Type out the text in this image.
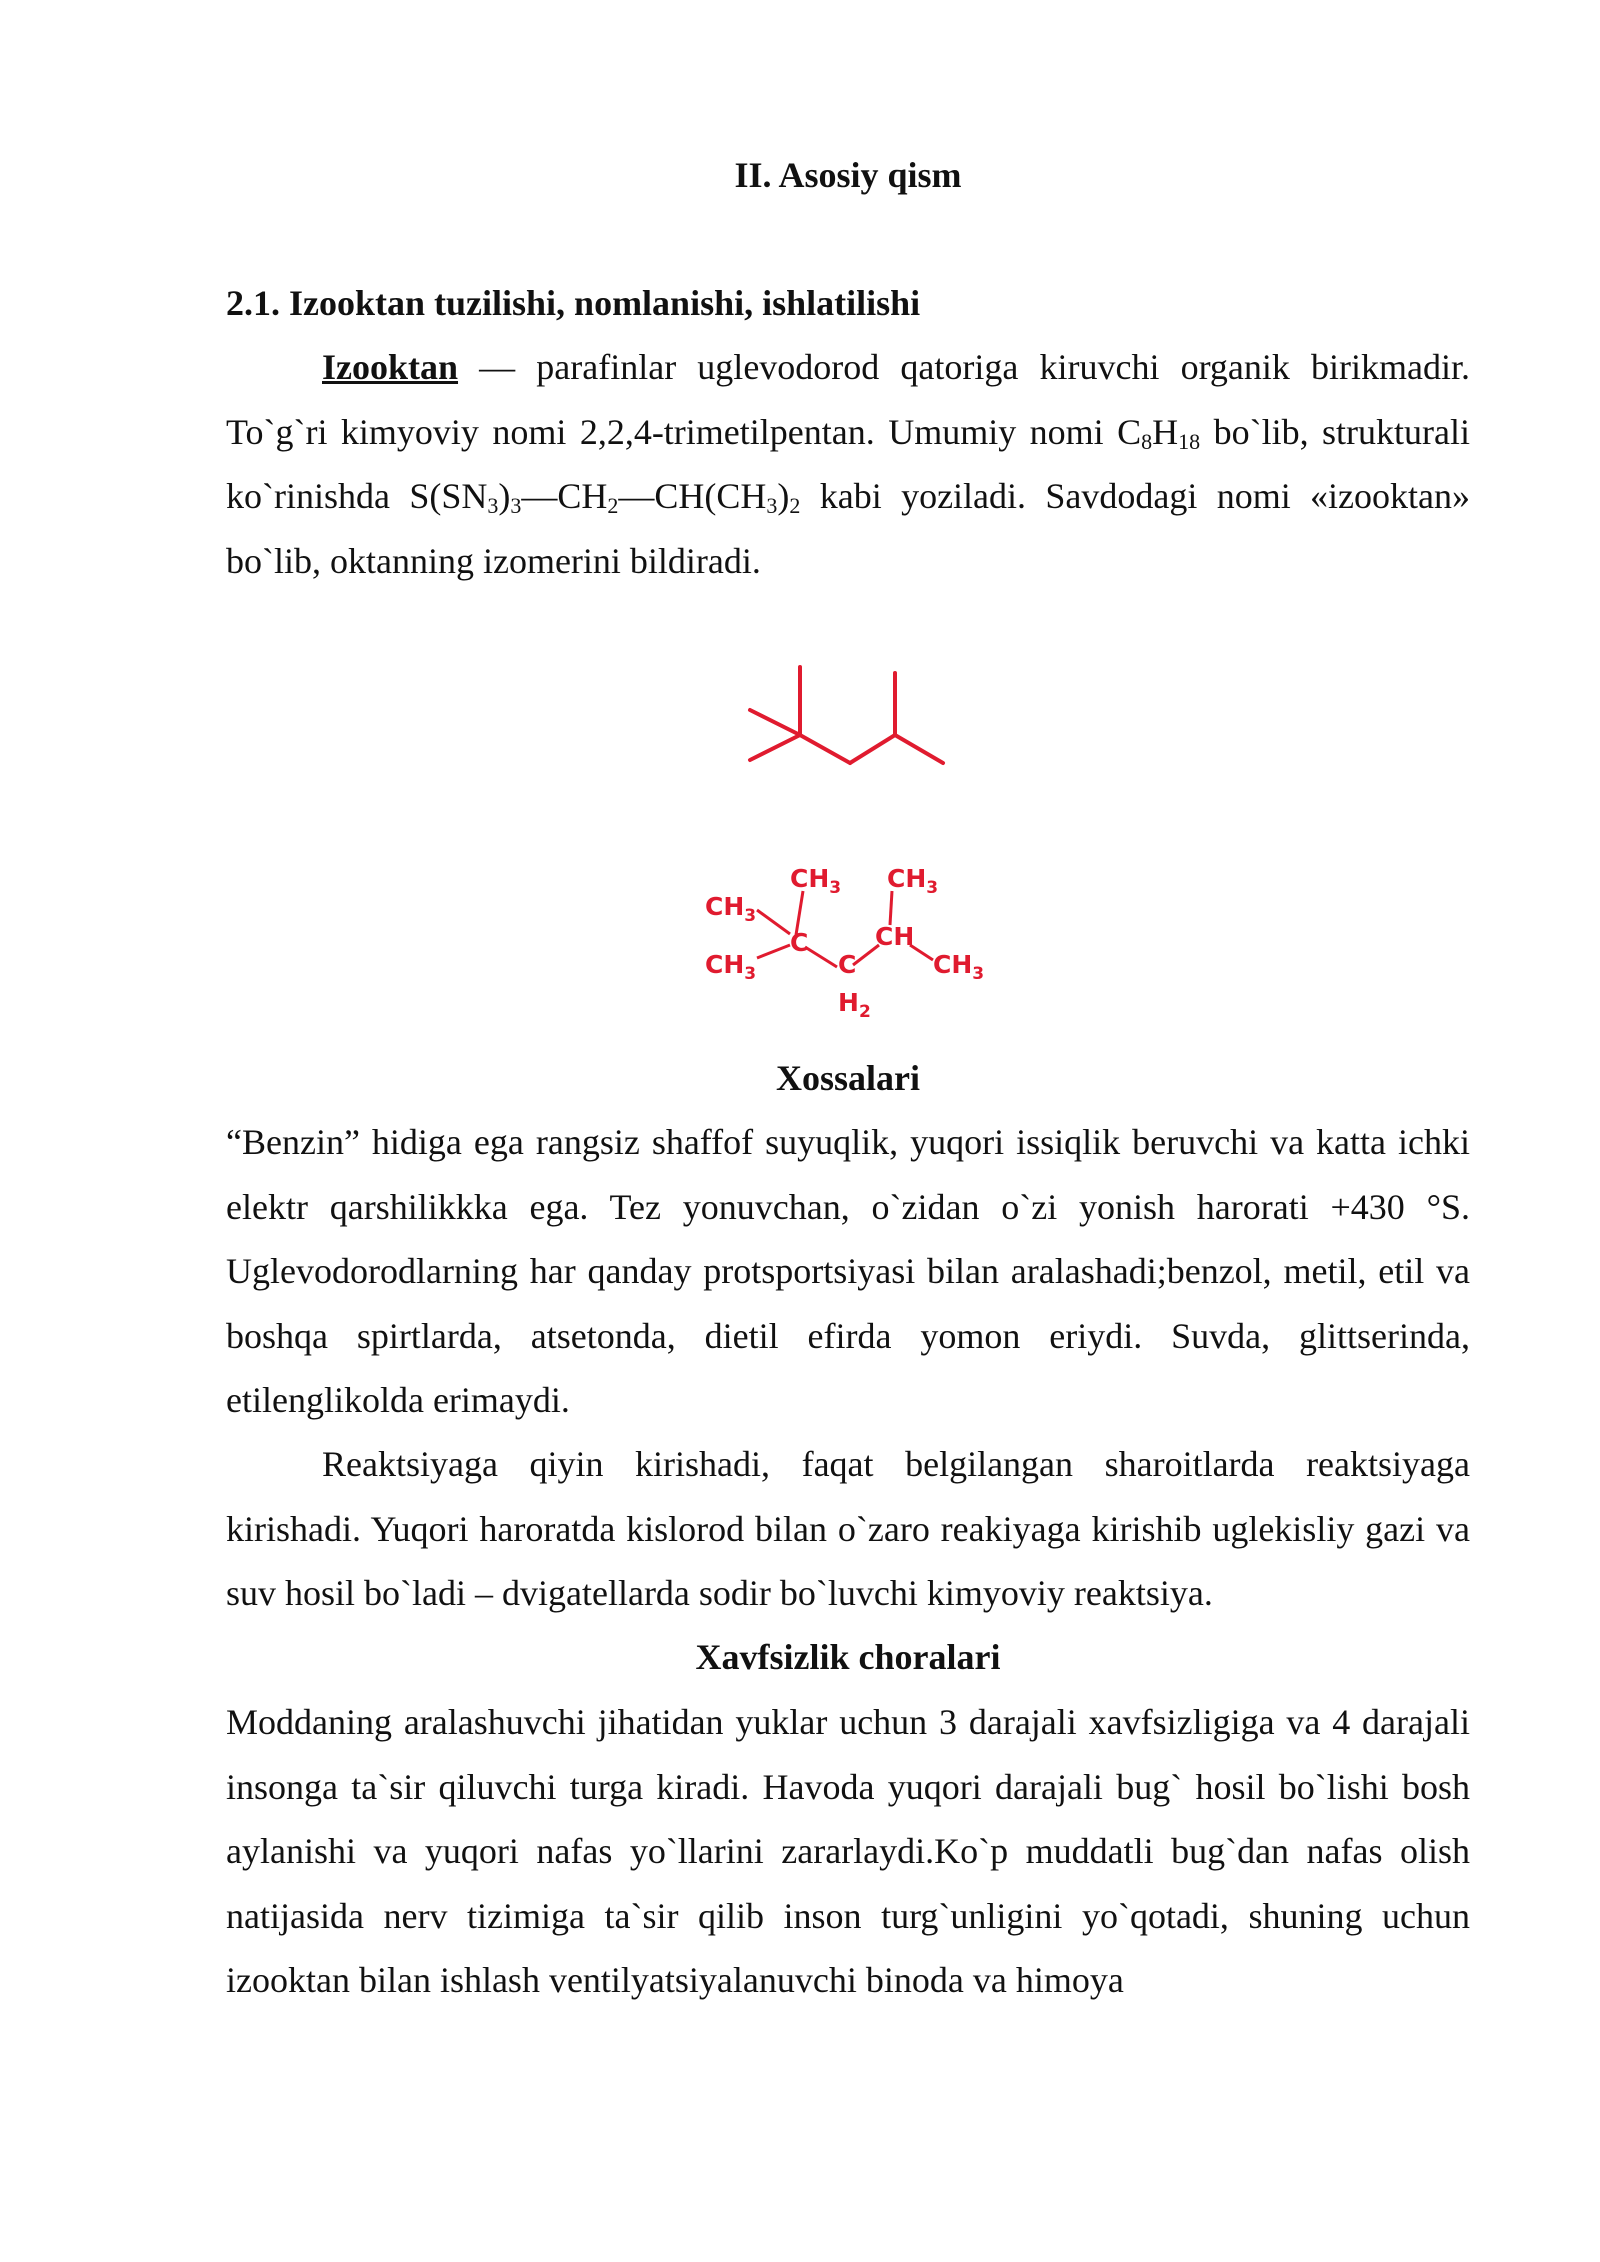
II. Asosiy qism
2.1. Izooktan tuzilishi, nomlanishi, ishlatilishi

Izooktan — parafinlar uglevodorod qatoriga kiruvchi organik birikmadir. To`g`ri kimyoviy nomi 2,2,4-trimetilpentan. Umumiy nomi $C_8H_{18}$ bo`lib, strukturali ko`rinishda $S(SN_3)_3—CH_2—CH(CH_3)_2$ kabi yoziladi. Savdodagi nomi «izooktan» bo`lib, oktanning izomerini bildiradi.

$CH_3$ $CH_3$
$CH_3$
$CH_3$
C	CH
C
$H_2$
$CH_3$
Xossalari

“Benzin” hidiga ega rangsiz shaffof suyuqlik, yuqori issiqlik beruvchi va katta ichki elektr qarshilikkka ega. Tez yonuvchan, o`zidan o`zi yonish harorati +430 °S. Uglevodorodlarning har qanday protsportsiyasi bilan aralashadi;benzol, metil, etil va boshqa spirtlarda, atsetonda, dietil efirda yomon eriydi. Suvda, glittserinda, etilenglikolda erimaydi.

Reaktsiyaga qiyin kirishadi, faqat belgilangan sharoitlarda reaktsiyaga kirishadi. Yuqori haroratda kislorod bilan o`zaro reakiyaga kirishib uglekisliy gazi va suv hosil bo`ladi – dvigatellarda sodir bo`luvchi kimyoviy reaktsiya.

Xavfsizlik choralari

Moddaning aralashuvchi jihatidan yuklar uchun 3 darajali xavfsizligiga va 4 darajali insonga ta`sir qiluvchi turga kiradi. Havoda yuqori darajali bug` hosil bo`lishi bosh aylanishi va yuqori nafas yo`llarini zararlaydi.Ko`p muddatli bug`dan nafas olish natijasida nerv tizimiga ta`sir qilib inson turg`unligini yo`qotadi, shuning uchun izooktan bilan ishlash ventilyatsiyalanuvchi binoda va himoya
